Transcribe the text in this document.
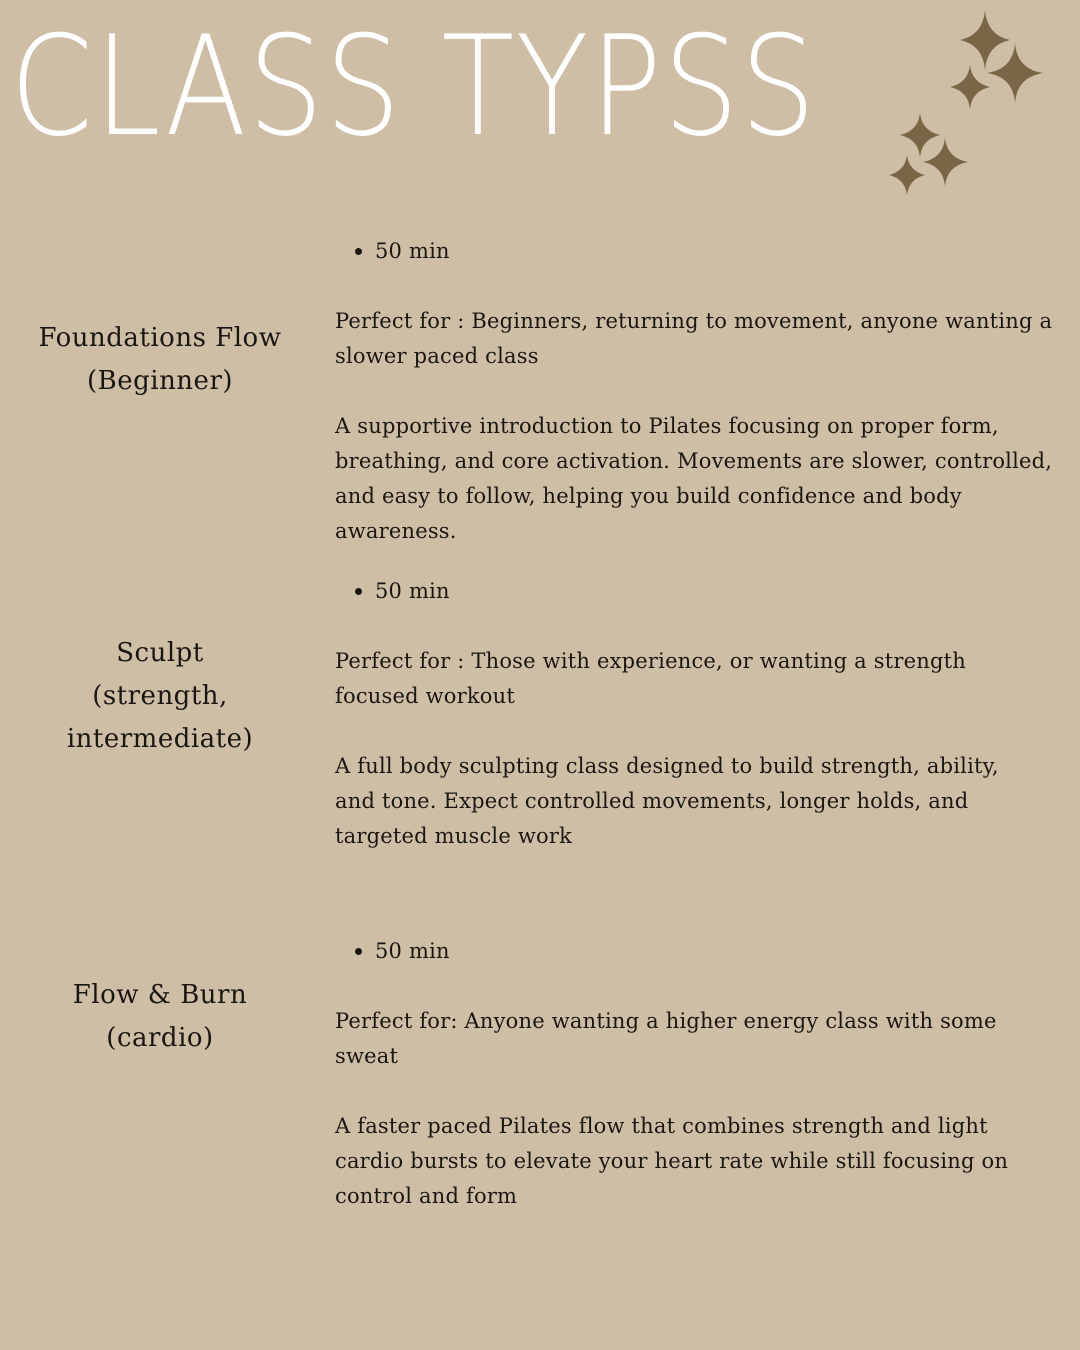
CLASS TYPSS
Foundations Flow
(Beginner)
50 min

Perfect for : Beginners, returning to movement, anyone wanting a slower paced class

A supportive introduction to Pilates focusing on proper form, breathing, and core activation. Movements are slower, controlled, and easy to follow, helping you build confidence and body awareness.

Sculpt
(strength, intermediate)
50 min

Perfect for : Those with experience, or wanting a strength focused workout

A full body sculpting class designed to build strength, ability, and tone. Expect controlled movements, longer holds, and targeted muscle work

Flow & Burn
(cardio)
50 min

Perfect for: Anyone wanting a higher energy class with some sweat

A faster paced Pilates flow that combines strength and light cardio bursts to elevate your heart rate while still focusing on control and form
